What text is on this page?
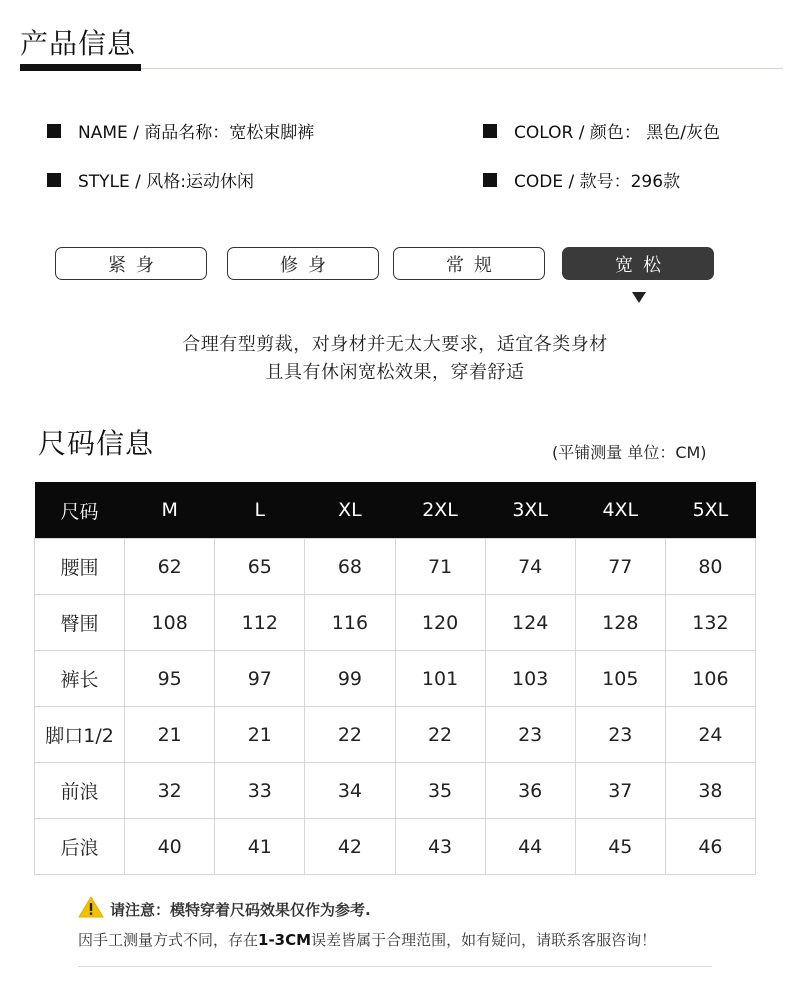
产品信息
NAME / 商品名称：宽松束脚裤	COLOR / 颜色： 黑色/灰色
STYLE / 风格:运动休闲	CODE / 款号：296款
紧身	修身	常规	宽松
合理有型剪裁，对身材并无太大要求，适宜各类身材
且具有休闲宽松效果，穿着舒适
尺码信息	(平铺测量 单位：CM)
尺码	M	L	XL	2XL	3XL	4XL	5XL
腰围	62	65	68	71	74	77	80
臀围	108	112	116	120	124	128	132
裤长	95	97	99	101	103	105	106
脚口1/2	21	21	22	22	23	23	24
前浪	32	33	34	35	36	37	38
后浪	40	41	42	43	44	45	46
请注意：模特穿着尺码效果仅作为参考.
因手工测量方式不同，存在1-3CM误差皆属于合理范围，如有疑问，请联系客服咨询！
